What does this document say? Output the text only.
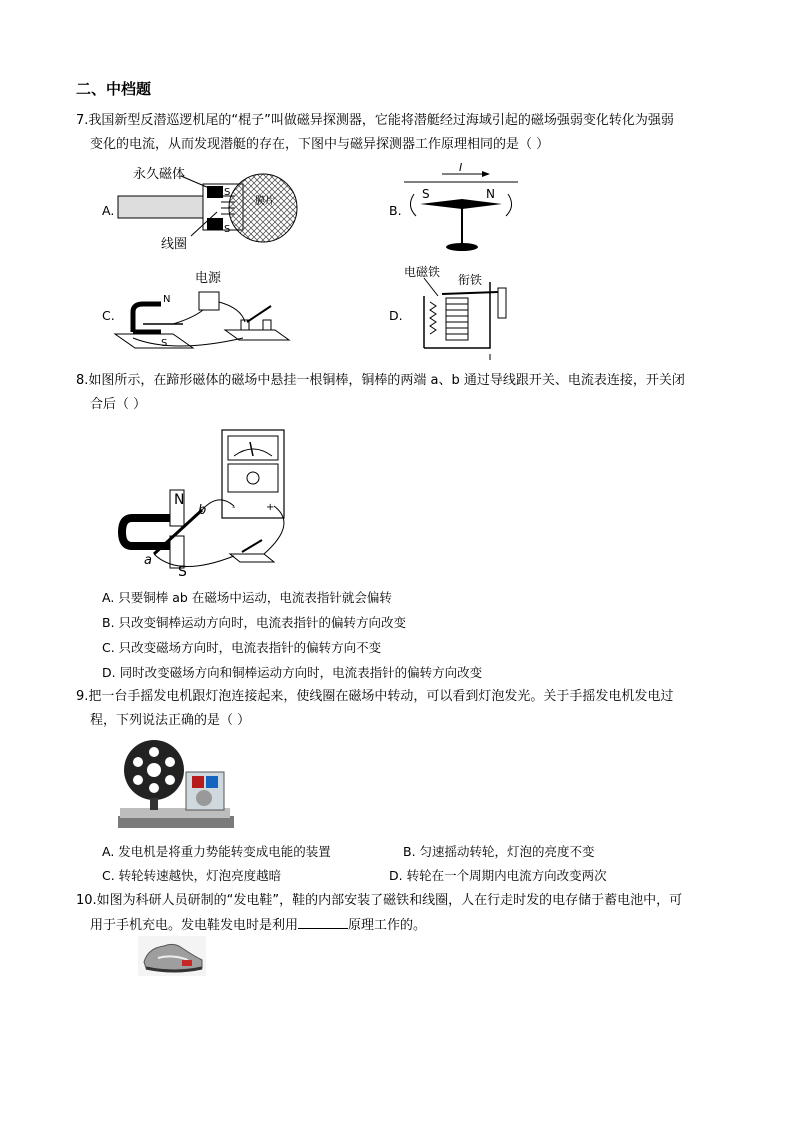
二、中档题
7.我国新型反潜巡逻机尾的“棍子”叫做磁异探测器，它能将潜艇经过海域引起的磁场强弱变化转化为强弱
变化的电流，从而发现潜艇的存在，下图中与磁异探测器工作原理相同的是（ ）
A.
永久磁体
线圈
S
S
膜片
B.
I
S	N
C.
电源
N
S
D.
电磁铁
衔铁
8.如图所示，在蹄形磁体的磁场中悬挂一根铜棒，铜棒的两端 a、b 通过导线跟开关、电流表连接，开关闭
合后（ ）
-	+
N
S
a
b
A. 只要铜棒 ab 在磁场中运动，电流表指针就会偏转
B. 只改变铜棒运动方向时，电流表指针的偏转方向改变
C. 只改变磁场方向时，电流表指针的偏转方向不变
D. 同时改变磁场方向和铜棒运动方向时，电流表指针的偏转方向改变
9.把一台手摇发电机跟灯泡连接起来，使线圈在磁场中转动，可以看到灯泡发光。关于手摇发电机发电过
程，下列说法正确的是（ ）
A. 发电机是将重力势能转变成电能的装置	B. 匀速摇动转轮，灯泡的亮度不变
C. 转轮转速越快，灯泡亮度越暗	D. 转轮在一个周期内电流方向改变两次
10.如图为科研人员研制的“发电鞋”，鞋的内部安装了磁铁和线圈，人在行走时发的电存储于蓄电池中，可
用于手机充电。发电鞋发电时是利用	原理工作的。
